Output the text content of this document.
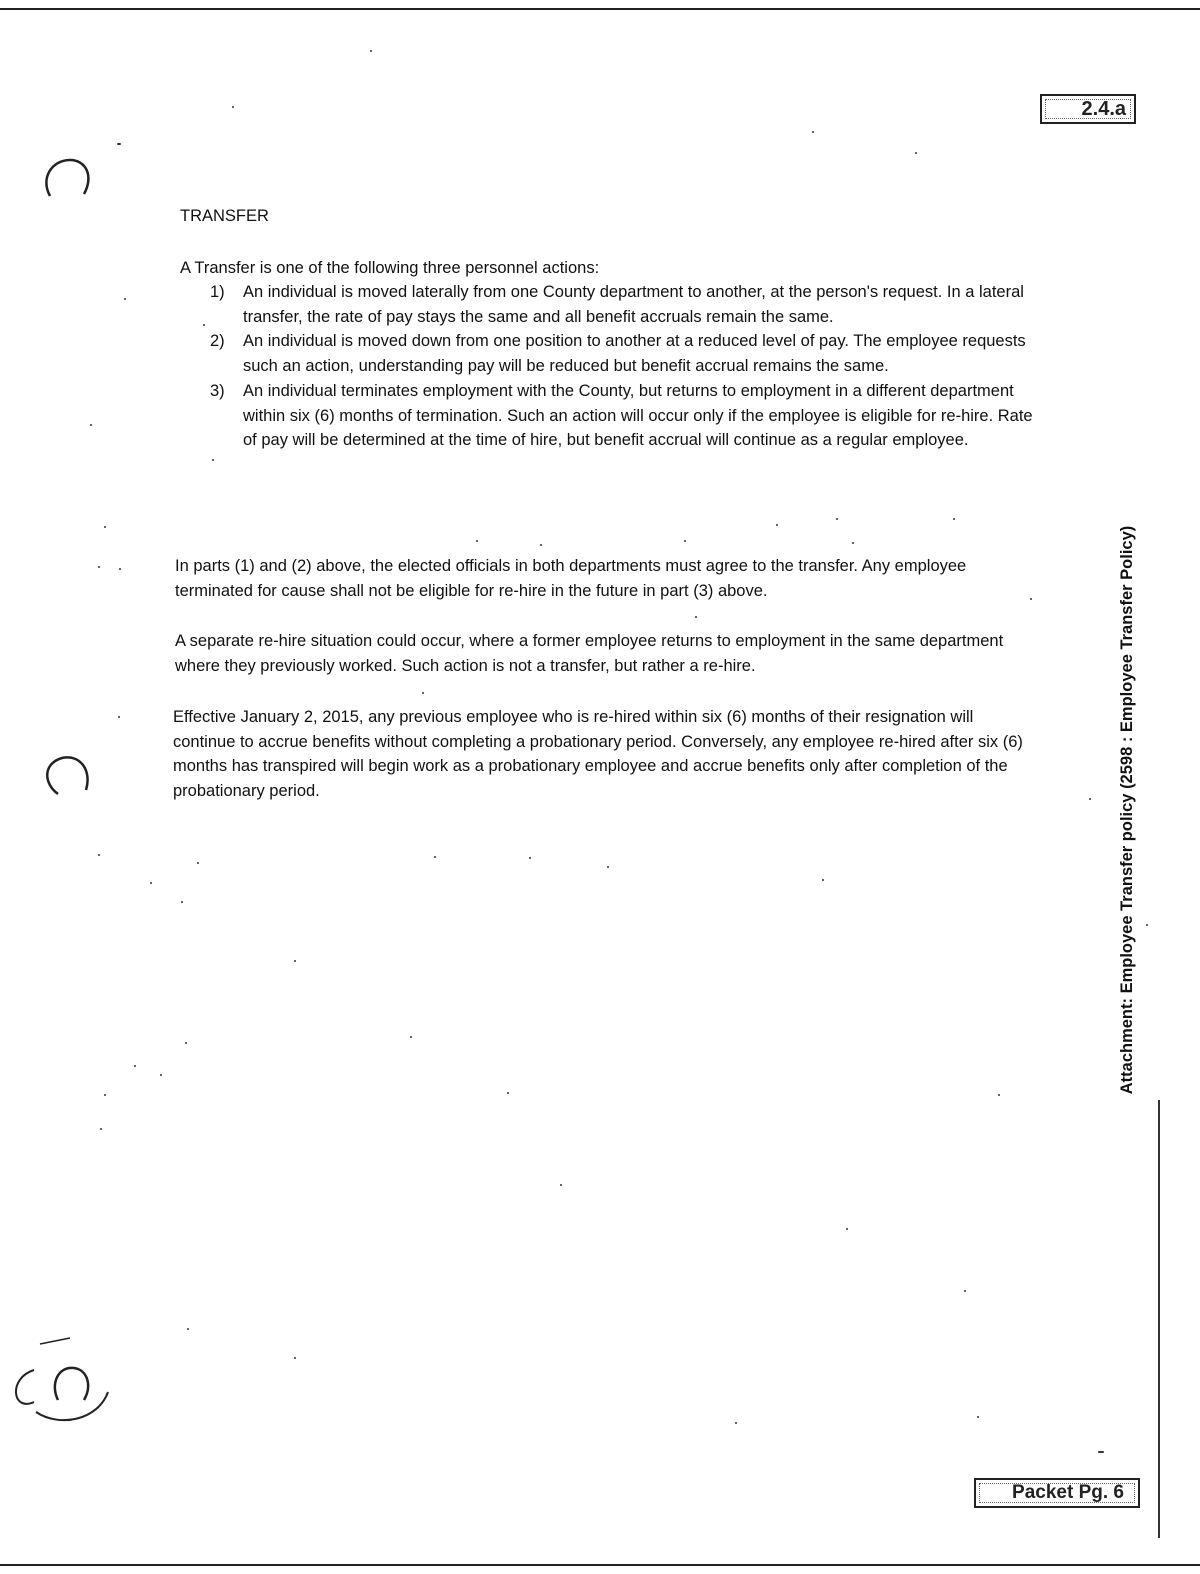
2.4.a
Attachment: Employee Transfer policy (2598 : Employee Transfer Policy)
TRANSFER
A Transfer is one of the following three personnel actions:
1) An individual is moved laterally from one County department to another, at the person's request. In a lateral transfer, the rate of pay stays the same and all benefit accruals remain the same.
2) An individual is moved down from one position to another at a reduced level of pay. The employee requests such an action, understanding pay will be reduced but benefit accrual remains the same.
3) An individual terminates employment with the County, but returns to employment in a different department within six (6) months of termination. Such an action will occur only if the employee is eligible for re-hire. Rate of pay will be determined at the time of hire, but benefit accrual will continue as a regular employee.

In parts (1) and (2) above, the elected officials in both departments must agree to the transfer. Any employee terminated for cause shall not be eligible for re-hire in the future in part (3) above.

A separate re-hire situation could occur, where a former employee returns to employment in the same department where they previously worked. Such action is not a transfer, but rather a re-hire.

Effective January 2, 2015, any previous employee who is re-hired within six (6) months of their resignation will continue to accrue benefits without completing a probationary period. Conversely, any employee re-hired after six (6) months has transpired will begin work as a probationary employee and accrue benefits only after completion of the probationary period.

Packet Pg. 6
